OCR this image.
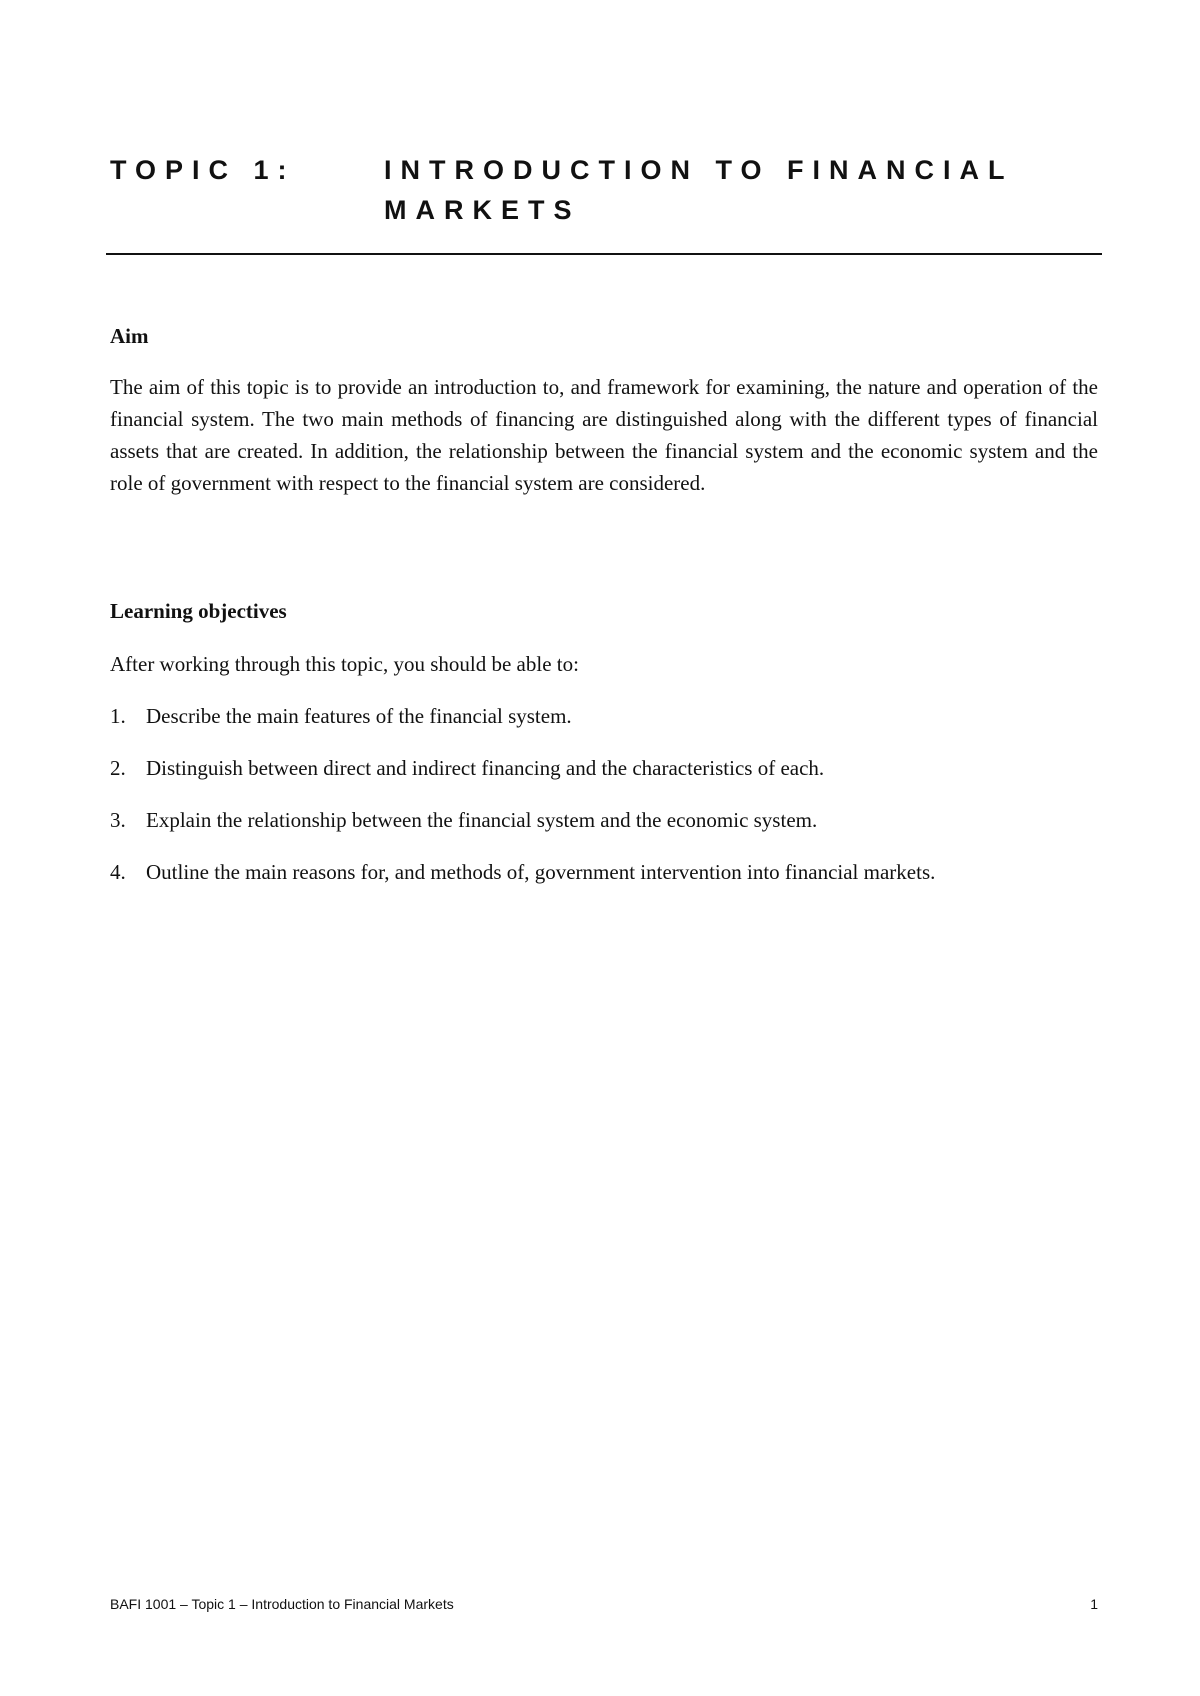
TOPIC 1:	INTRODUCTION TO FINANCIAL MARKETS
Aim

The aim of this topic is to provide an introduction to, and framework for examining, the nature and operation of the financial system. The two main methods of financing are distinguished along with the different types of financial assets that are created. In addition, the relationship between the financial system and the economic system and the role of government with respect to the financial system are considered.

Learning objectives

After working through this topic, you should be able to:

1. Describe the main features of the financial system.
2. Distinguish between direct and indirect financing and the characteristics of each.
3. Explain the relationship between the financial system and the economic system.
4. Outline the main reasons for, and methods of, government intervention into financial markets.
BAFI 1001 – Topic 1 – Introduction to Financial Markets	1
